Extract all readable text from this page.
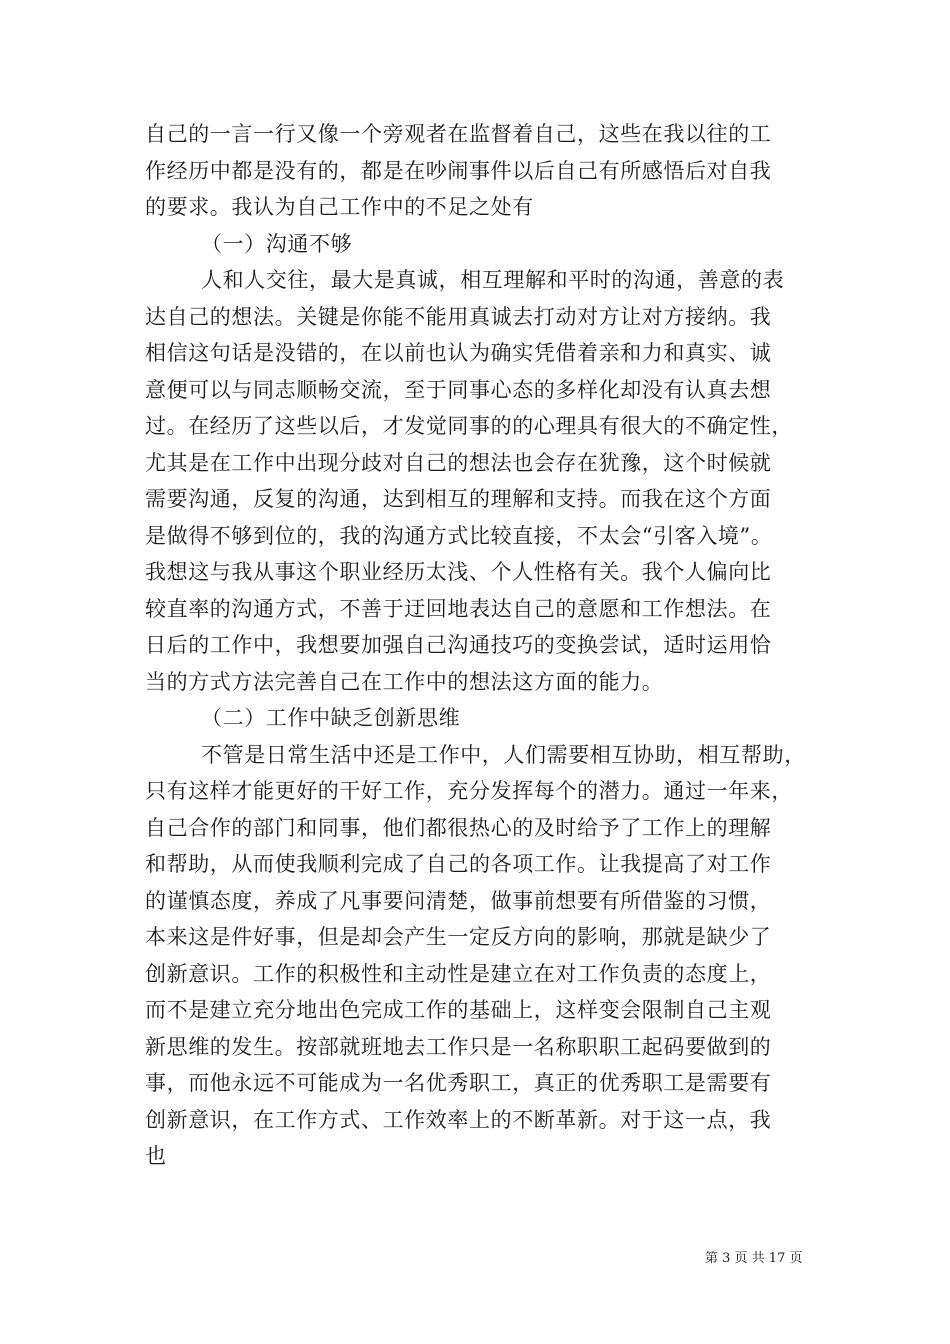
自己的一言一行又像一个旁观者在监督着自己，这些在我以往的工
作经历中都是没有的，都是在吵闹事件以后自己有所感悟后对自我
的要求。我认为自己工作中的不足之处有
（一）沟通不够
人和人交往，最大是真诚，相互理解和平时的沟通，善意的表
达自己的想法。关键是你能不能用真诚去打动对方让对方接纳。我
相信这句话是没错的，在以前也认为确实凭借着亲和力和真实、诚
意便可以与同志顺畅交流，至于同事心态的多样化却没有认真去想
过。在经历了这些以后，才发觉同事的的心理具有很大的不确定性，
尤其是在工作中出现分歧对自己的想法也会存在犹豫，这个时候就
需要沟通，反复的沟通，达到相互的理解和支持。而我在这个方面
是做得不够到位的，我的沟通方式比较直接，不太会“引客入境”。
我想这与我从事这个职业经历太浅、个人性格有关。我个人偏向比
较直率的沟通方式，不善于迂回地表达自己的意愿和工作想法。在
日后的工作中，我想要加强自己沟通技巧的变换尝试，适时运用恰
当的方式方法完善自己在工作中的想法这方面的能力。
（二）工作中缺乏创新思维
不管是日常生活中还是工作中，人们需要相互协助，相互帮助，
只有这样才能更好的干好工作，充分发挥每个的潜力。通过一年来，
自己合作的部门和同事，他们都很热心的及时给予了工作上的理解
和帮助，从而使我顺利完成了自己的各项工作。让我提高了对工作
的谨慎态度，养成了凡事要问清楚，做事前想要有所借鉴的习惯，
本来这是件好事，但是却会产生一定反方向的影响，那就是缺少了
创新意识。工作的积极性和主动性是建立在对工作负责的态度上，
而不是建立充分地出色完成工作的基础上，这样变会限制自己主观
新思维的发生。按部就班地去工作只是一名称职职工起码要做到的
事，而他永远不可能成为一名优秀职工，真正的优秀职工是需要有
创新意识，在工作方式、工作效率上的不断革新。对于这一点，我
也
第 3 页 共 17 页
